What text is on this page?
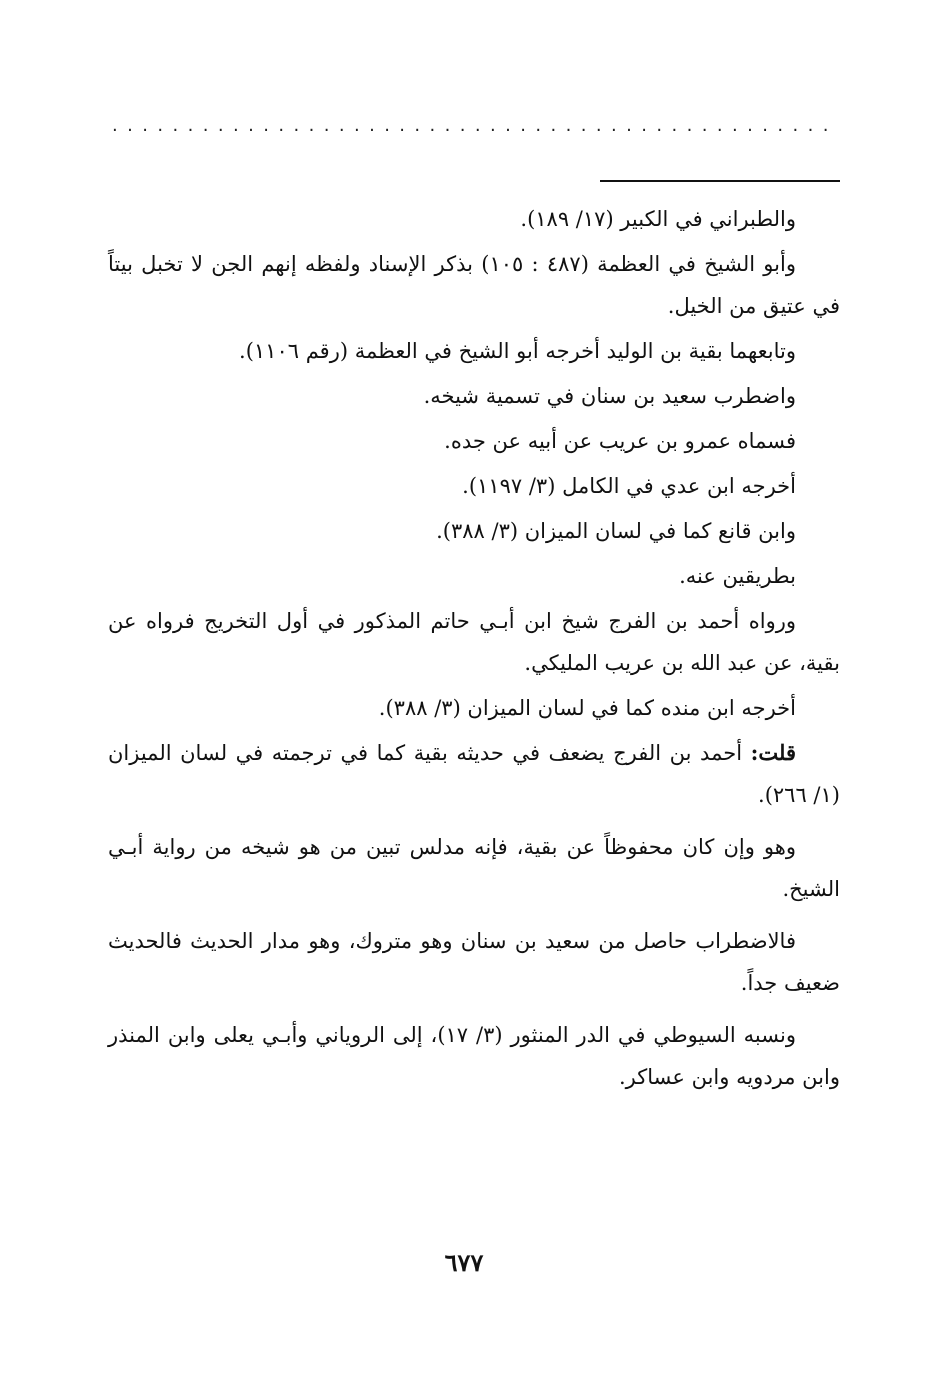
................................................

والطبراني في الكبير (١٧/ ١٨٩).

وأبو الشيخ في العظمة (٤٨٧ : ١٠٥) بذكر الإسناد ولفظه إنهم الجن لا تخبل بيتاً في عتيق من الخيل.

وتابعهما بقية بن الوليد أخرجه أبو الشيخ في العظمة (رقم ١١٠٦).

واضطرب سعيد بن سنان في تسمية شيخه.

فسماه عمرو بن عريب عن أبيه عن جده.

أخرجه ابن عدي في الكامل (٣/ ١١٩٧).

وابن قانع كما في لسان الميزان (٣/ ٣٨٨).

بطريقين عنه.

ورواه أحمد بن الفرج شيخ ابن أبـي حاتم المذكور في أول التخريج فرواه عن بقية، عن عبد الله بن عريب المليكي.

أخرجه ابن منده كما في لسان الميزان (٣/ ٣٨٨).

قلت: أحمد بن الفرج يضعف في حديثه بقية كما في ترجمته في لسان الميزان (١/ ٢٦٦).

وهو وإن كان محفوظاً عن بقية، فإنه مدلس تبين من هو شيخه من رواية أبـي الشيخ.

فالاضطراب حاصل من سعيد بن سنان وهو متروك، وهو مدار الحديث فالحديث ضعيف جداً.

ونسبه السيوطي في الدر المنثور (٣/ ١٧)، إلى الروياني وأبـي يعلى وابن المنذر وابن مردويه وابن عساكر.

٦٧٧
